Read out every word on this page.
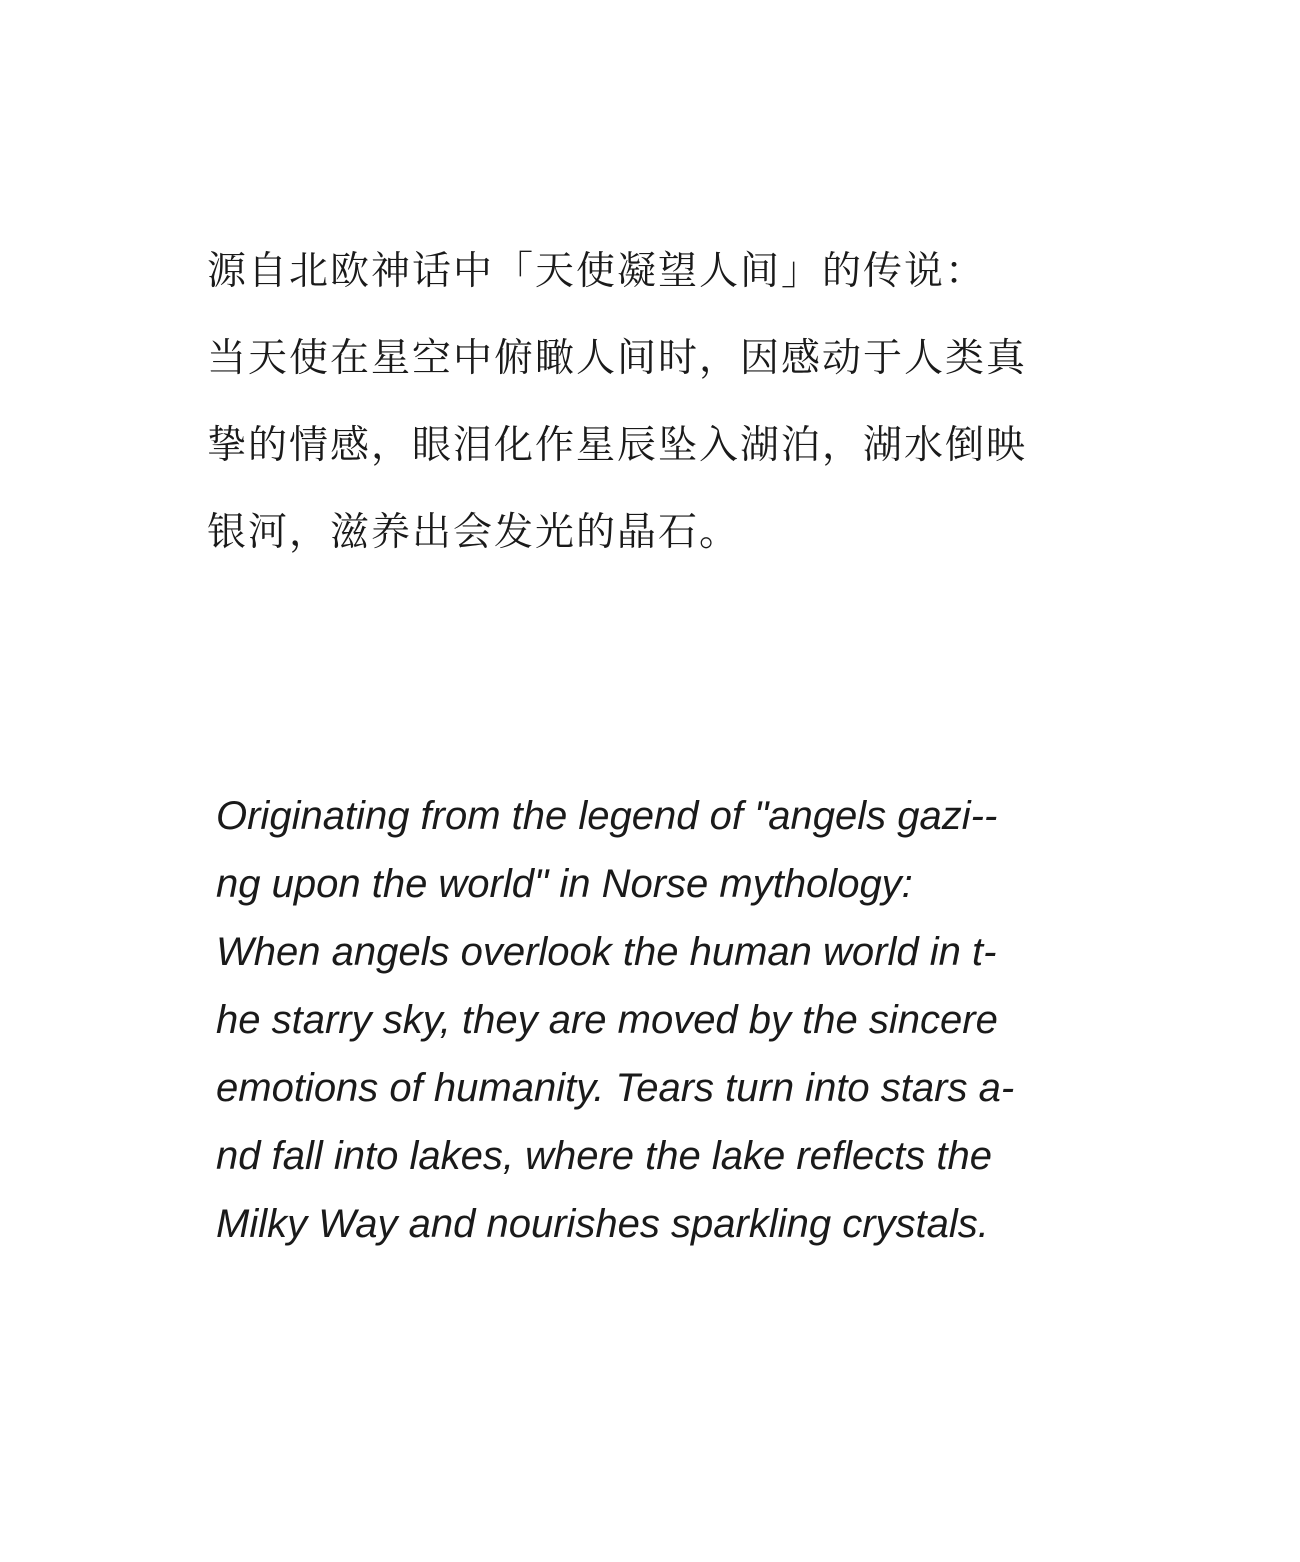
源自北欧神话中「天使凝望人间」的传说：
当天使在星空中俯瞰人间时，因感动于人类真
挚的情感，眼泪化作星辰坠入湖泊，湖水倒映
银河，滋养出会发光的晶石。
Originating from the legend of "angels gazi--
ng upon the world" in Norse mythology:
When angels overlook the human world in t-
he starry sky, they are moved by the sincere
emotions of humanity. Tears turn into stars a-
nd fall into lakes, where the lake reflects the
Milky Way and nourishes sparkling crystals.
